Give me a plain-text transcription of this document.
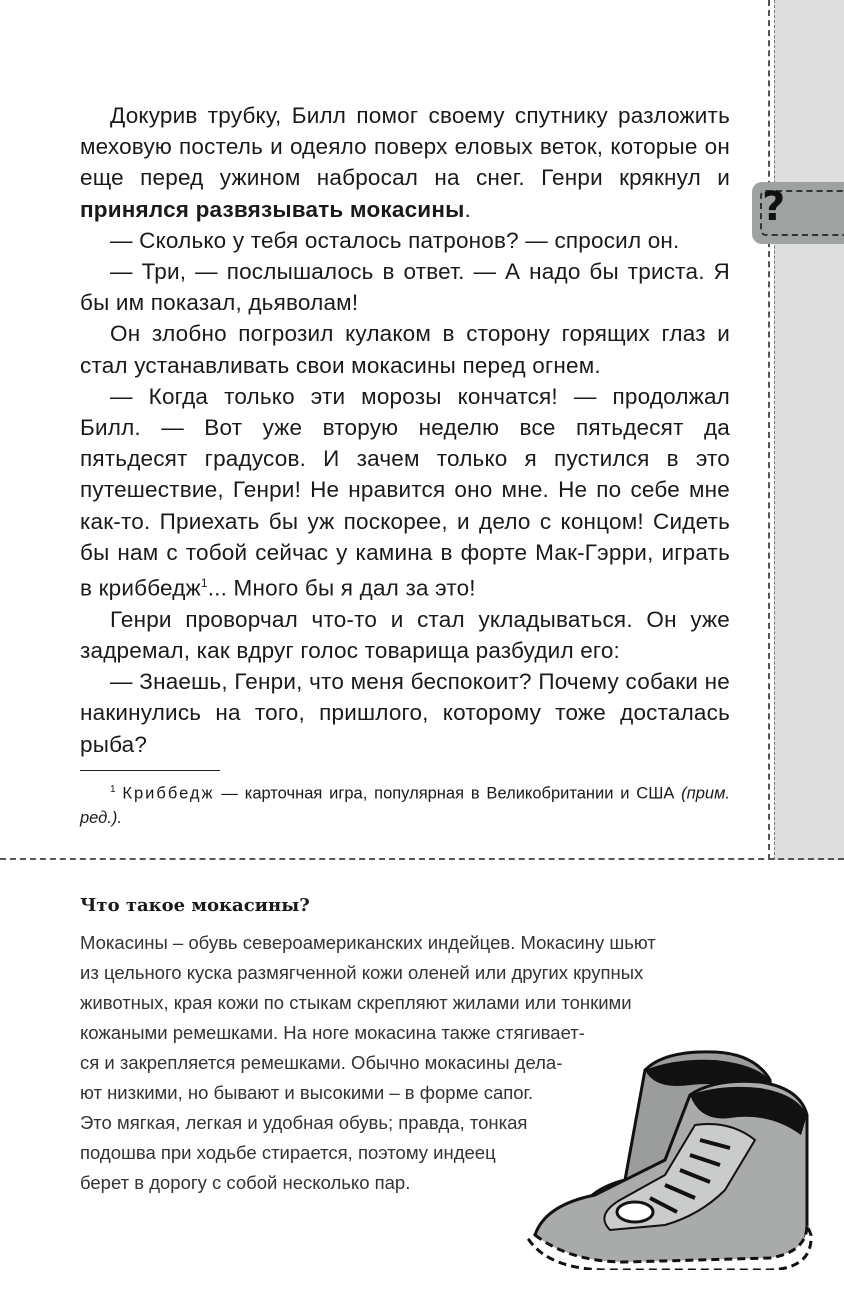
?

Докурив трубку, Билл помог своему спутнику разложить меховую постель и одеяло поверх еловых веток, которые он еще перед ужином набросал на снег. Генри крякнул и принялся развязывать мокасины.

— Сколько у тебя осталось патронов? — спросил он.

— Три, — послышалось в ответ. — А надо бы триста. Я бы им показал, дьяволам!

Он злобно погрозил кулаком в сторону горящих глаз и стал устанавливать свои мокасины перед огнем.

— Когда только эти морозы кончатся! — продолжал Билл. — Вот уже вторую неделю все пятьдесят да пятьдесят градусов. И зачем только я пустился в это путешествие, Генри! Не нравится оно мне. Не по себе мне как-то. Приехать бы уж поскорее, и дело с концом! Сидеть бы нам с тобой сейчас у камина в форте Мак-Гэрри, играть в криббедж$^1$... Много бы я дал за это!

Генри проворчал что-то и стал укладываться. Он уже задремал, как вдруг голос товарища разбудил его:

— Знаешь, Генри, что меня беспокоит? Почему собаки не накинулись на того, пришлого, которому тоже досталась рыба?

$^1$ Криббедж — карточная игра, популярная в Великобритании и США (прим. ред.).
Что такое мокасины?
Мокасины – обувь североамериканских индейцев. Мокасину шьют
из цельного куска размягченной кожи оленей или других крупных
животных, края кожи по стыкам скрепляют жилами или тонкими
кожаными ремешками. На ноге мокасина также стягивает-
ся и закрепляется ремешками. Обычно мокасины дела-
ют низкими, но бывают и высокими – в форме сапог.
Это мягкая, легкая и удобная обувь; правда, тонкая
подошва при ходьбе стирается, поэтому индеец
берет в дорогу с собой несколько пар.
